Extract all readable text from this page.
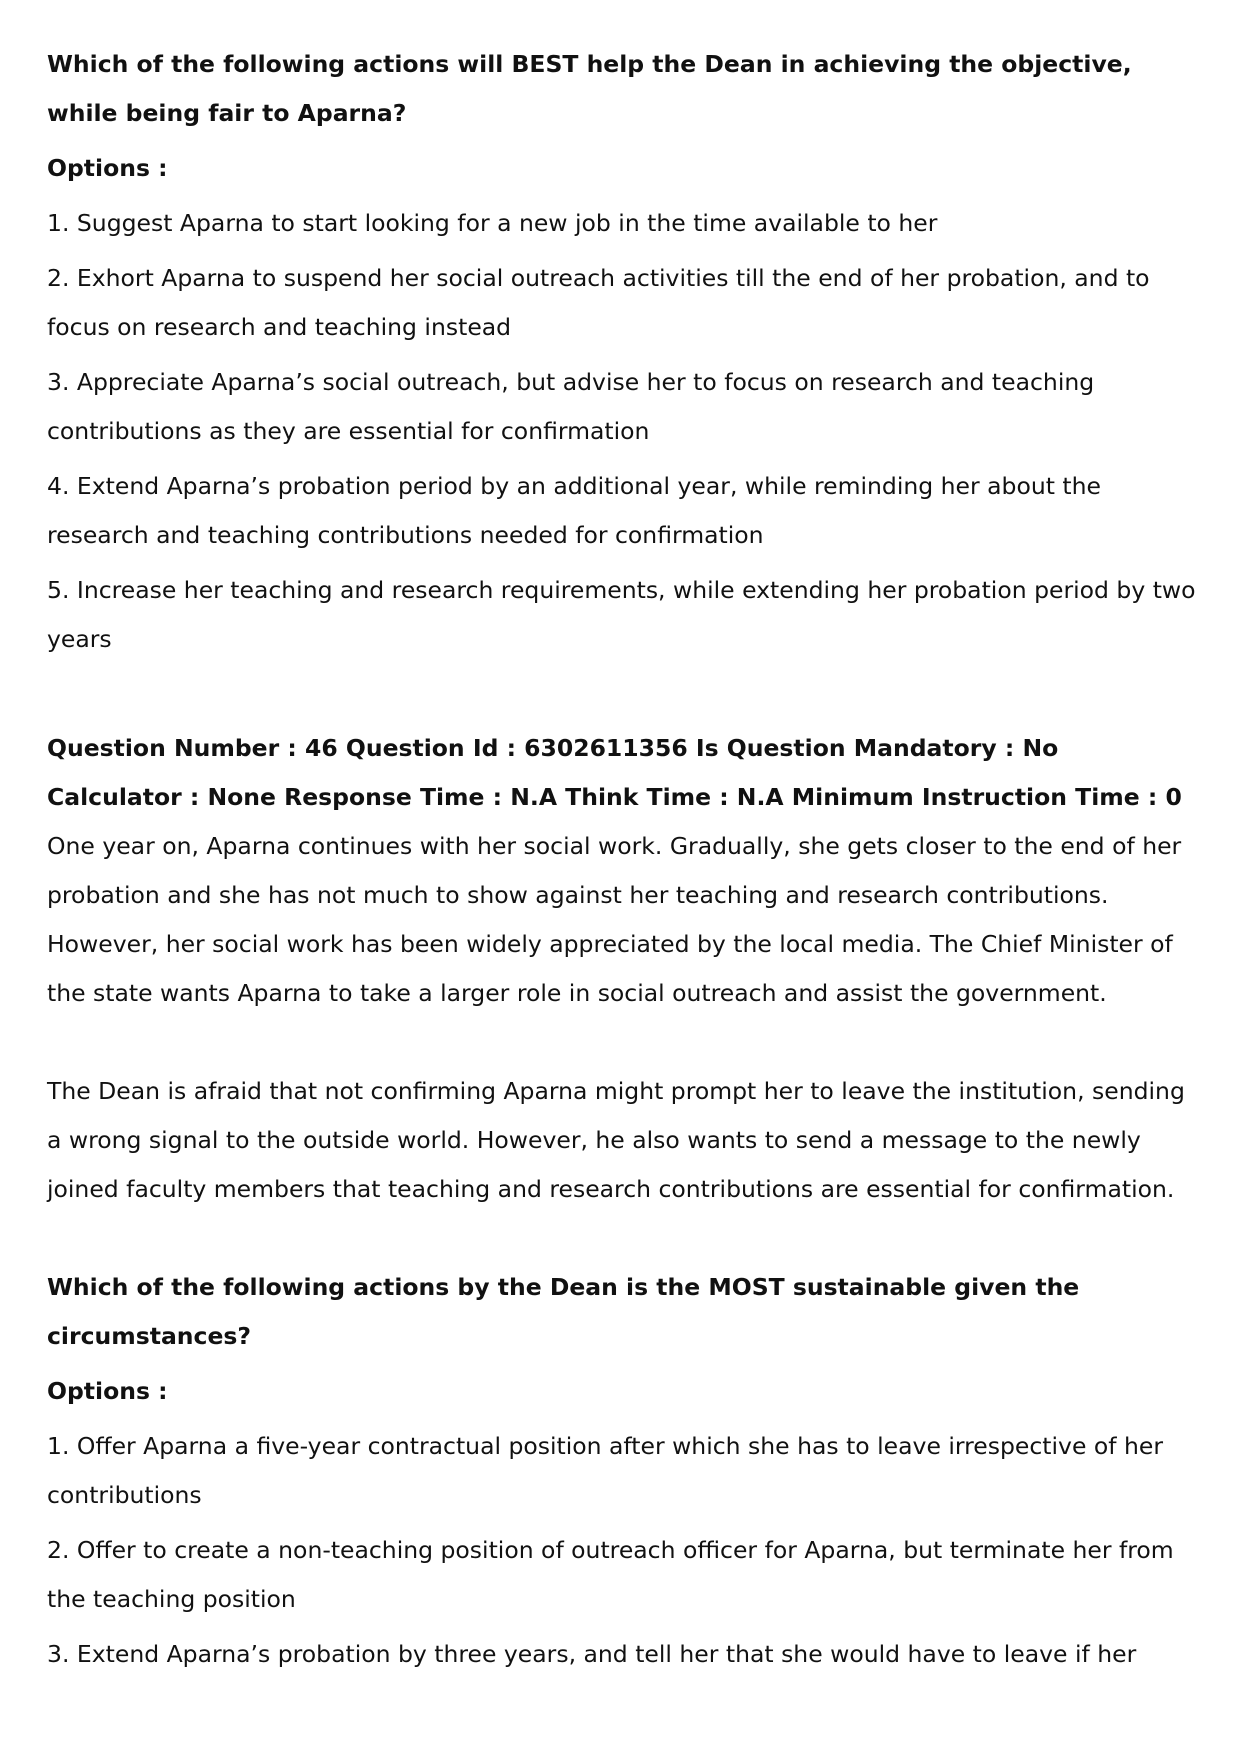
Which of the following actions will BEST help the Dean in achieving the objective, while being fair to Aparna?

Options :

1. Suggest Aparna to start looking for a new job in the time available to her

2. Exhort Aparna to suspend her social outreach activities till the end of her probation, and to focus on research and teaching instead

3. Appreciate Aparna’s social outreach, but advise her to focus on research and teaching contributions as they are essential for confirmation

4. Extend Aparna’s probation period by an additional year, while reminding her about the research and teaching contributions needed for confirmation

5. Increase her teaching and research requirements, while extending her probation period by two years

Question Number : 46 Question Id : 6302611356 Is Question Mandatory : No Calculator : None Response Time : N.A Think Time : N.A Minimum Instruction Time : 0

One year on, Aparna continues with her social work. Gradually, she gets closer to the end of her probation and she has not much to show against her teaching and research contributions. However, her social work has been widely appreciated by the local media. The Chief Minister of the state wants Aparna to take a larger role in social outreach and assist the government.

The Dean is afraid that not confirming Aparna might prompt her to leave the institution, sending a wrong signal to the outside world. However, he also wants to send a message to the newly joined faculty members that teaching and research contributions are essential for confirmation.

Which of the following actions by the Dean is the MOST sustainable given the circumstances?

Options :

1. Offer Aparna a five-year contractual position after which she has to leave irrespective of her contributions

2. Offer to create a non-teaching position of outreach officer for Aparna, but terminate her from the teaching position

3. Extend Aparna’s probation by three years, and tell her that she would have to leave if her
